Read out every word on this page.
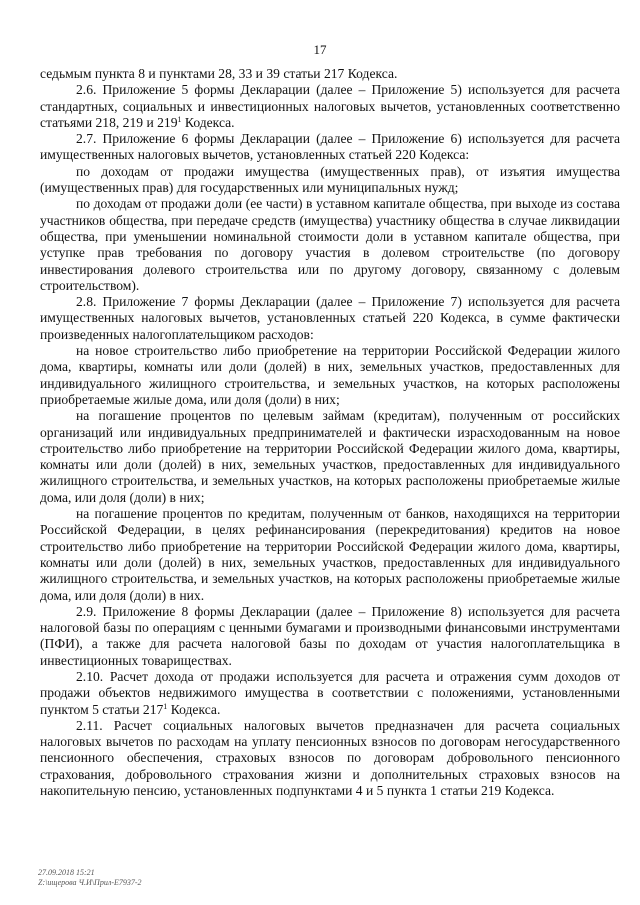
17

седьмым пункта 8 и пунктами 28, 33 и 39 статьи 217 Кодекса.

2.6. Приложение 5 формы Декларации (далее – Приложение 5) используется для расчета стандартных, социальных и инвестиционных налоговых вычетов, установленных соответственно статьями 218, 219 и $219^1$ Кодекса.

2.7. Приложение 6 формы Декларации (далее – Приложение 6) используется для расчета имущественных налоговых вычетов, установленных статьей 220 Кодекса:

по доходам от продажи имущества (имущественных прав), от изъятия имущества (имущественных прав) для государственных или муниципальных нужд;

по доходам от продажи доли (ее части) в уставном капитале общества, при выходе из состава участников общества, при передаче средств (имущества) участнику общества в случае ликвидации общества, при уменьшении номинальной стоимости доли в уставном капитале общества, при уступке прав требования по договору участия в долевом строительстве (по договору инвестирования долевого строительства или по другому договору, связанному с долевым строительством).

2.8. Приложение 7 формы Декларации (далее – Приложение 7) используется для расчета имущественных налоговых вычетов, установленных статьей 220 Кодекса, в сумме фактически произведенных налогоплательщиком расходов:

на новое строительство либо приобретение на территории Российской Федерации жилого дома, квартиры, комнаты или доли (долей) в них, земельных участков, предоставленных для индивидуального жилищного строительства, и земельных участков, на которых расположены приобретаемые жилые дома, или доля (доли) в них;

на погашение процентов по целевым займам (кредитам), полученным от российских организаций или индивидуальных предпринимателей и фактически израсходованным на новое строительство либо приобретение на территории Российской Федерации жилого дома, квартиры, комнаты или доли (долей) в них, земельных участков, предоставленных для индивидуального жилищного строительства, и земельных участков, на которых расположены приобретаемые жилые дома, или доля (доли) в них;

на погашение процентов по кредитам, полученным от банков, находящихся на территории Российской Федерации, в целях рефинансирования (перекредитования) кредитов на новое строительство либо приобретение на территории Российской Федерации жилого дома, квартиры, комнаты или доли (долей) в них, земельных участков, предоставленных для индивидуального жилищного строительства, и земельных участков, на которых расположены приобретаемые жилые дома, или доля (доли) в них.

2.9. Приложение 8 формы Декларации (далее – Приложение 8) используется для расчета налоговой базы по операциям с ценными бумагами и производными финансовыми инструментами (ПФИ), а также для расчета налоговой базы по доходам от участия налогоплательщика в инвестиционных товариществах.

2.10. Расчет дохода от продажи используется для расчета и отражения сумм доходов от продажи объектов недвижимого имущества в соответствии с положениями, установленными пунктом 5 статьи $217^1$ Кодекса.

2.11. Расчет социальных налоговых вычетов предназначен для расчета социальных налоговых вычетов по расходам на уплату пенсионных взносов по договорам негосударственного пенсионного обеспечения, страховых взносов по договорам добровольного пенсионного страхования, добровольного страхования жизни и дополнительных страховых взносов на накопительную пенсию, установленных подпунктами 4 и 5 пункта 1 статьи 219 Кодекса.

27.09.2018 15:21
Z:\ищерова Ч.И\Прил-Е7937-2
